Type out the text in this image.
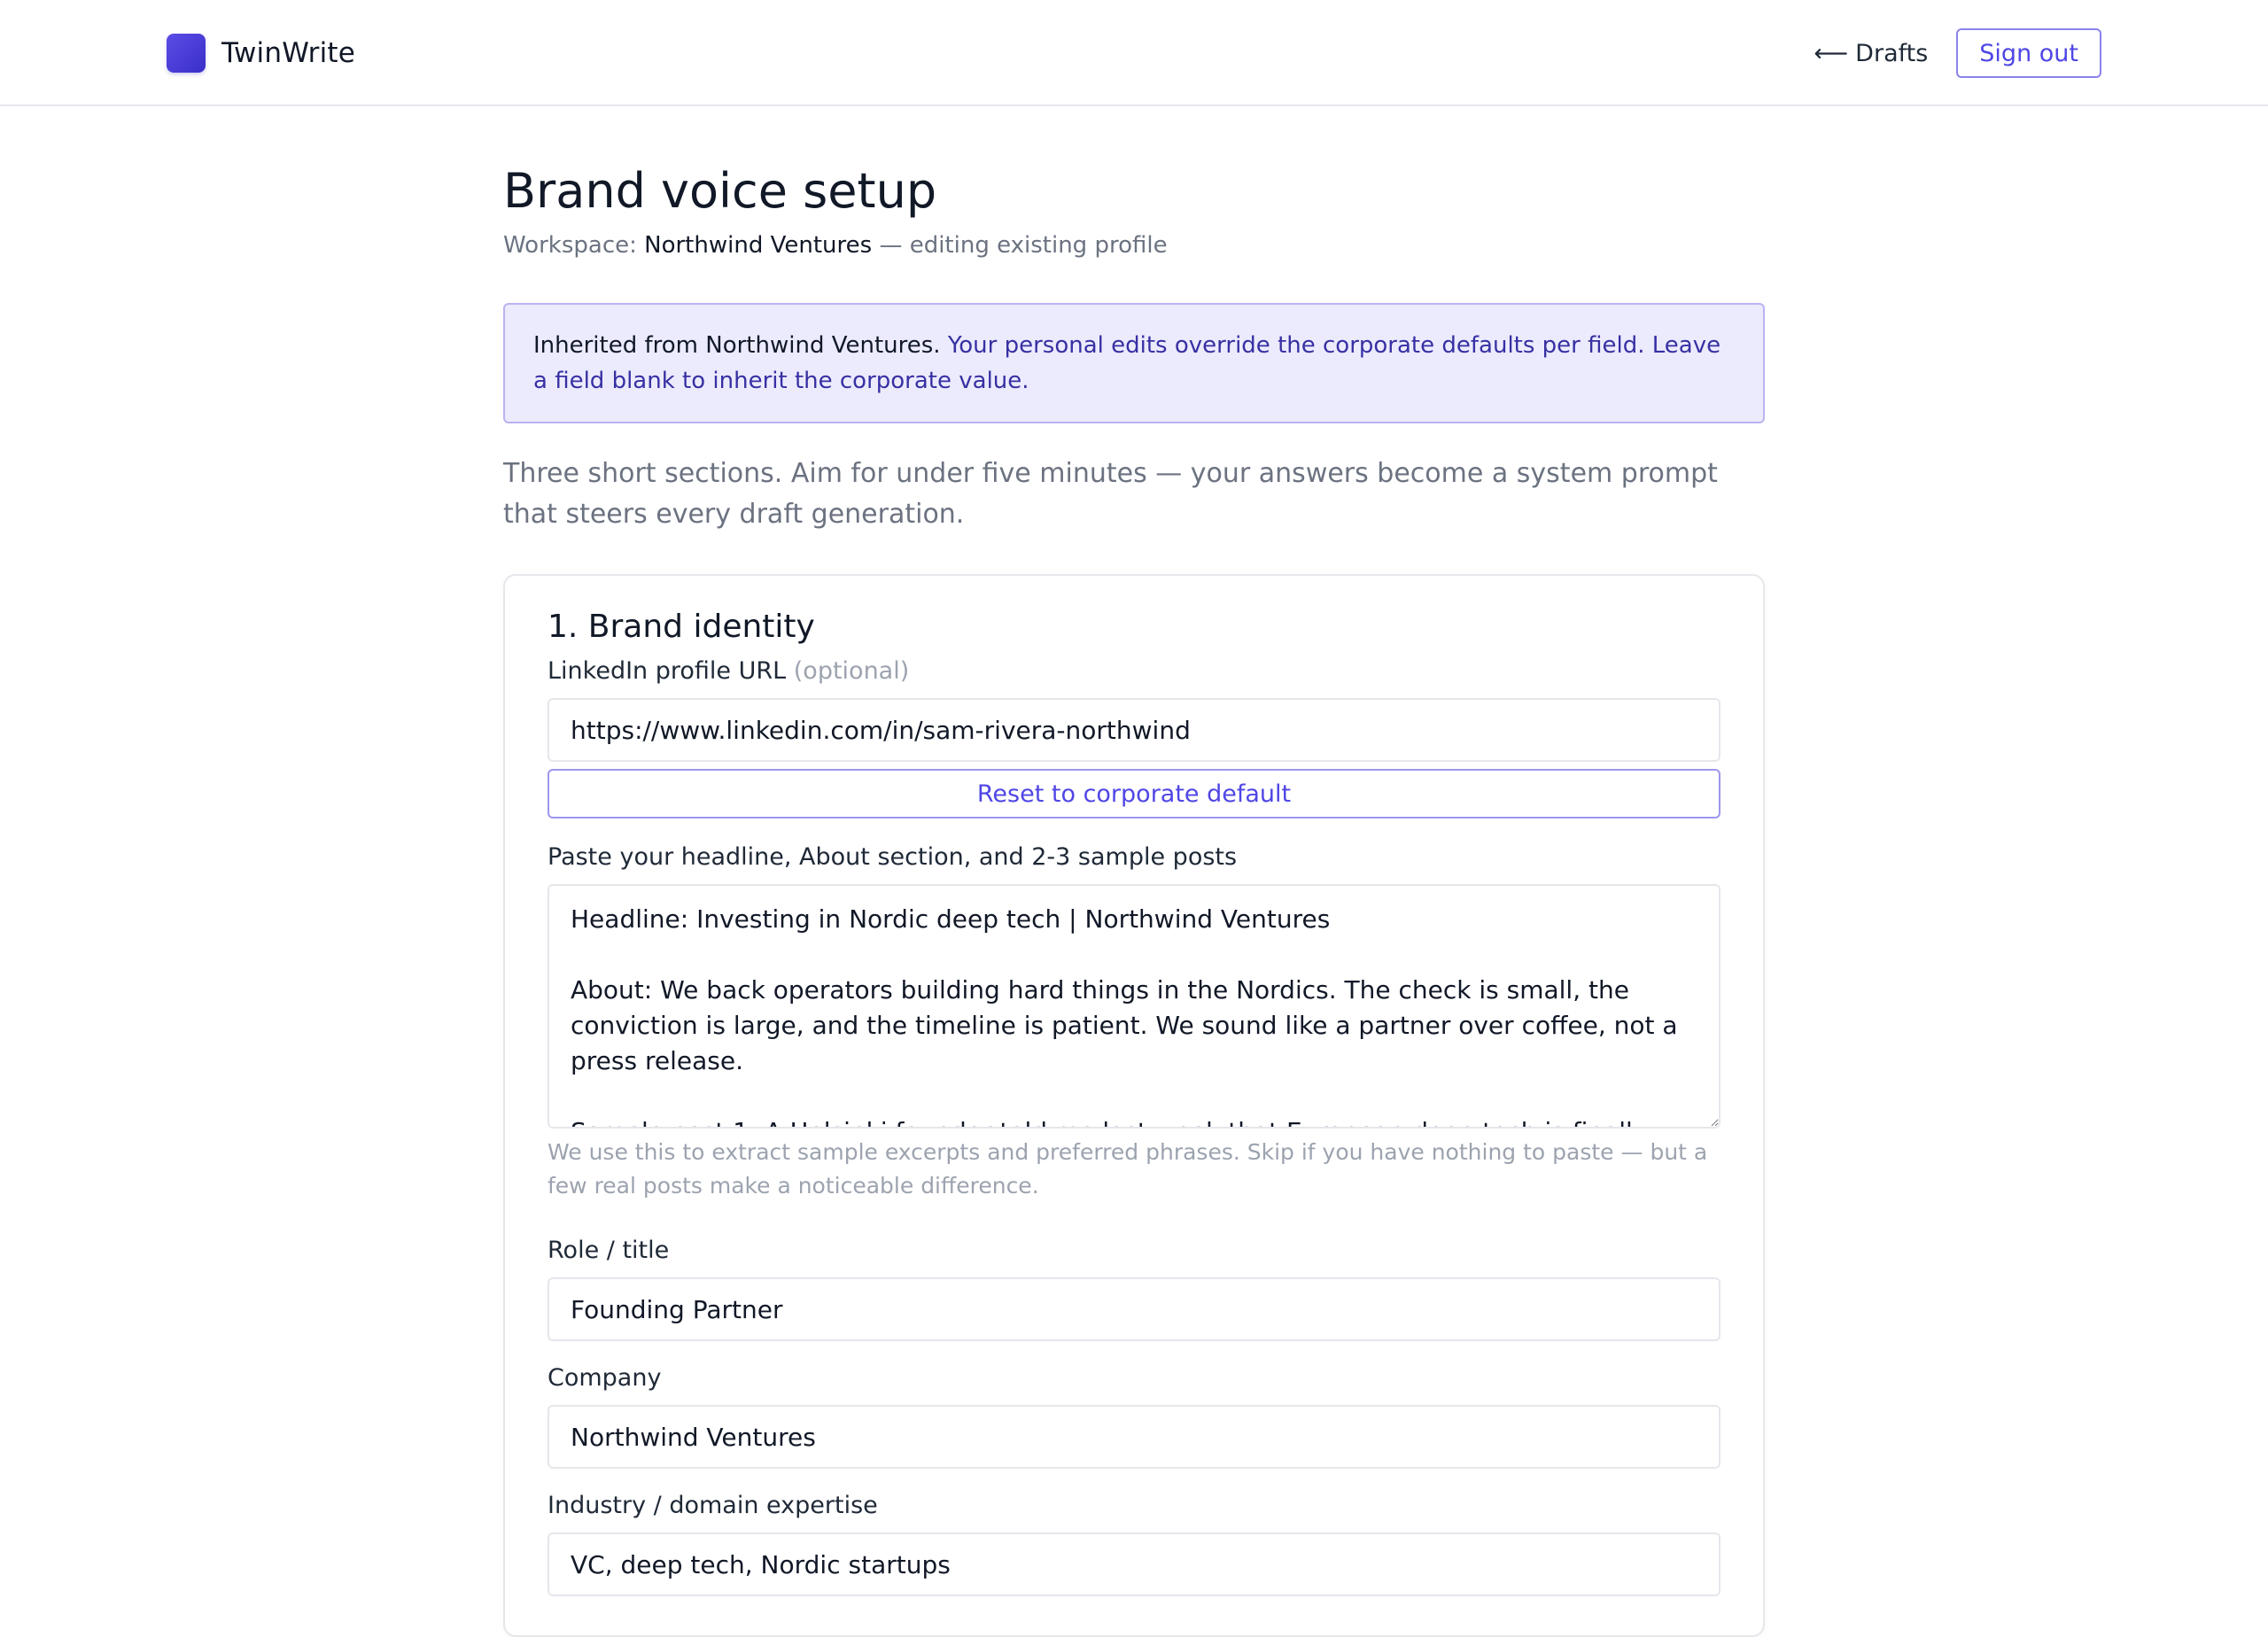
TwinWrite	⟵ Drafts	Sign out
Brand voice setup

Workspace: Northwind Ventures — editing existing profile

Inherited from Northwind Ventures. Your personal edits override the corporate defaults per field. Leave a field blank to inherit the corporate value.

Three short sections. Aim for under five minutes — your answers become a system prompt that steers every draft generation.

1. Brand identity
LinkedIn profile URL (optional)
https://www.linkedin.com/in/sam-rivera-northwind
Reset to corporate default
Paste your headline, About section, and 2-3 sample posts
Headline: Investing in Nordic deep tech | Northwind Ventures About: We back operators building hard things in the Nordics. The check is small, the conviction is large, and the timeline is patient. We sound like a partner over coffee, not a press release. Sample post 1: A Helsinki founder told me last week that European deep tech is finally finding its footing. Capital is acting with its feet — five rounds last quarter, all sub-€10M, all into climate or

We use this to extract sample excerpts and preferred phrases. Skip if you have nothing to paste — but a few real posts make a noticeable difference.

Role / title
Founding Partner
Company
Northwind Ventures
Industry / domain expertise
VC, deep tech, Nordic startups
